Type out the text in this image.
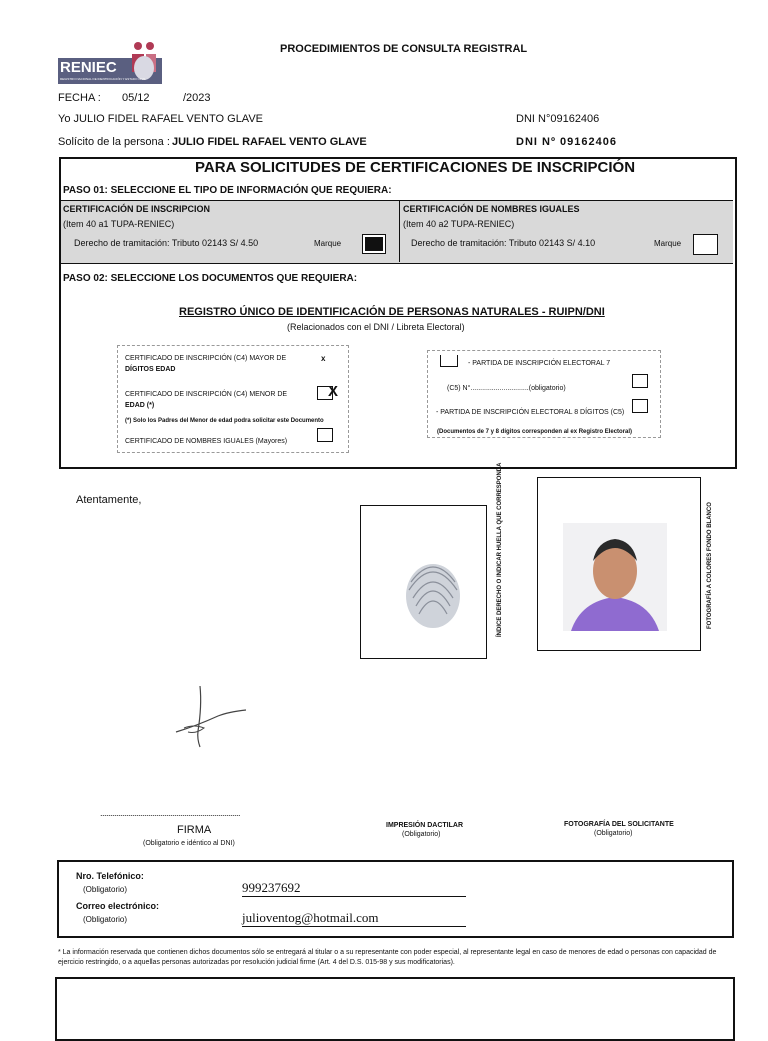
RENIEC
REGISTRO NACIONAL DE IDENTIFICACIÓN Y ESTADO CIVIL
PROCEDIMIENTOS DE CONSULTA REGISTRAL
FECHA : 05/12	/2023
Yo JULIO FIDEL RAFAEL VENTO GLAVE	DNI N°09162406
Solícito de la persona : JULIO FIDEL RAFAEL VENTO GLAVE	DNI Nº 09162406
PARA SOLICITUDES DE CERTIFICACIONES DE INSCRIPCIÓN
PASO 01: SELECCIONE EL TIPO DE INFORMACIÓN QUE REQUIERA:
CERTIFICACIÓN DE INSCRIPCION
(Item 40 a1 TUPA-RENIEC)
Derecho de tramitación: Tributo 02143 S/ 4.50	Marque
CERTIFICACIÓN DE NOMBRES IGUALES
(Item 40 a2 TUPA-RENIEC)
Derecho de tramitación: Tributo 02143 S/ 4.10	Marque
PASO 02: SELECCIONE LOS DOCUMENTOS QUE REQUIERA:
REGISTRO ÚNICO DE IDENTIFICACIÓN DE PERSONAS NATURALES - RUIPN/DNI
(Relacionados con el DNI / Libreta Electoral)
CERTIFICADO DE INSCRIPCIÓN (C4) MAYOR DE
DÍGITOS EDAD
x
CERTIFICADO DE INSCRIPCIÓN (C4) MENOR DE
EDAD (*)
X
(*) Solo los Padres del Menor de edad podra solicitar este Documento
CERTIFICADO DE NOMBRES IGUALES (Mayores)
- PARTIDA DE INSCRIPCIÓN ELECTORAL 7
(C5) N°..............................(obligatorio)
- PARTIDA DE INSCRIPCIÓN ELECTORAL 8 DÍGITOS (C5)
(Documentos de 7 y 8 dígitos corresponden al ex Registro Electoral)
Atentamente,	ÍNDICE DERECHO O INDICAR HUELLA QUE CORRESPONDA	FOTOGRAFÍA A COLORES FONDO BLANCO
......................................................................
FIRMA
(Obligatorio e idéntico al DNI)
IMPRESIÓN DACTILAR
(Obligatorio)
FOTOGRAFÍA DEL SOLICITANTE
(Obligatorio)
Nro. Telefónico:
(Obligatorio)	999237692
Correo electrónico:
(Obligatorio)	julioventog@hotmail.com
* La información reservada que contienen dichos documentos sólo se entregará al titular o a su representante con poder especial, al representante legal en caso de menores de edad o personas con capacidad de ejercicio restringido, o a aquellas personas autorizadas por resolución judicial firme (Art. 4 del D.S. 015-98 y sus modificatorias).
